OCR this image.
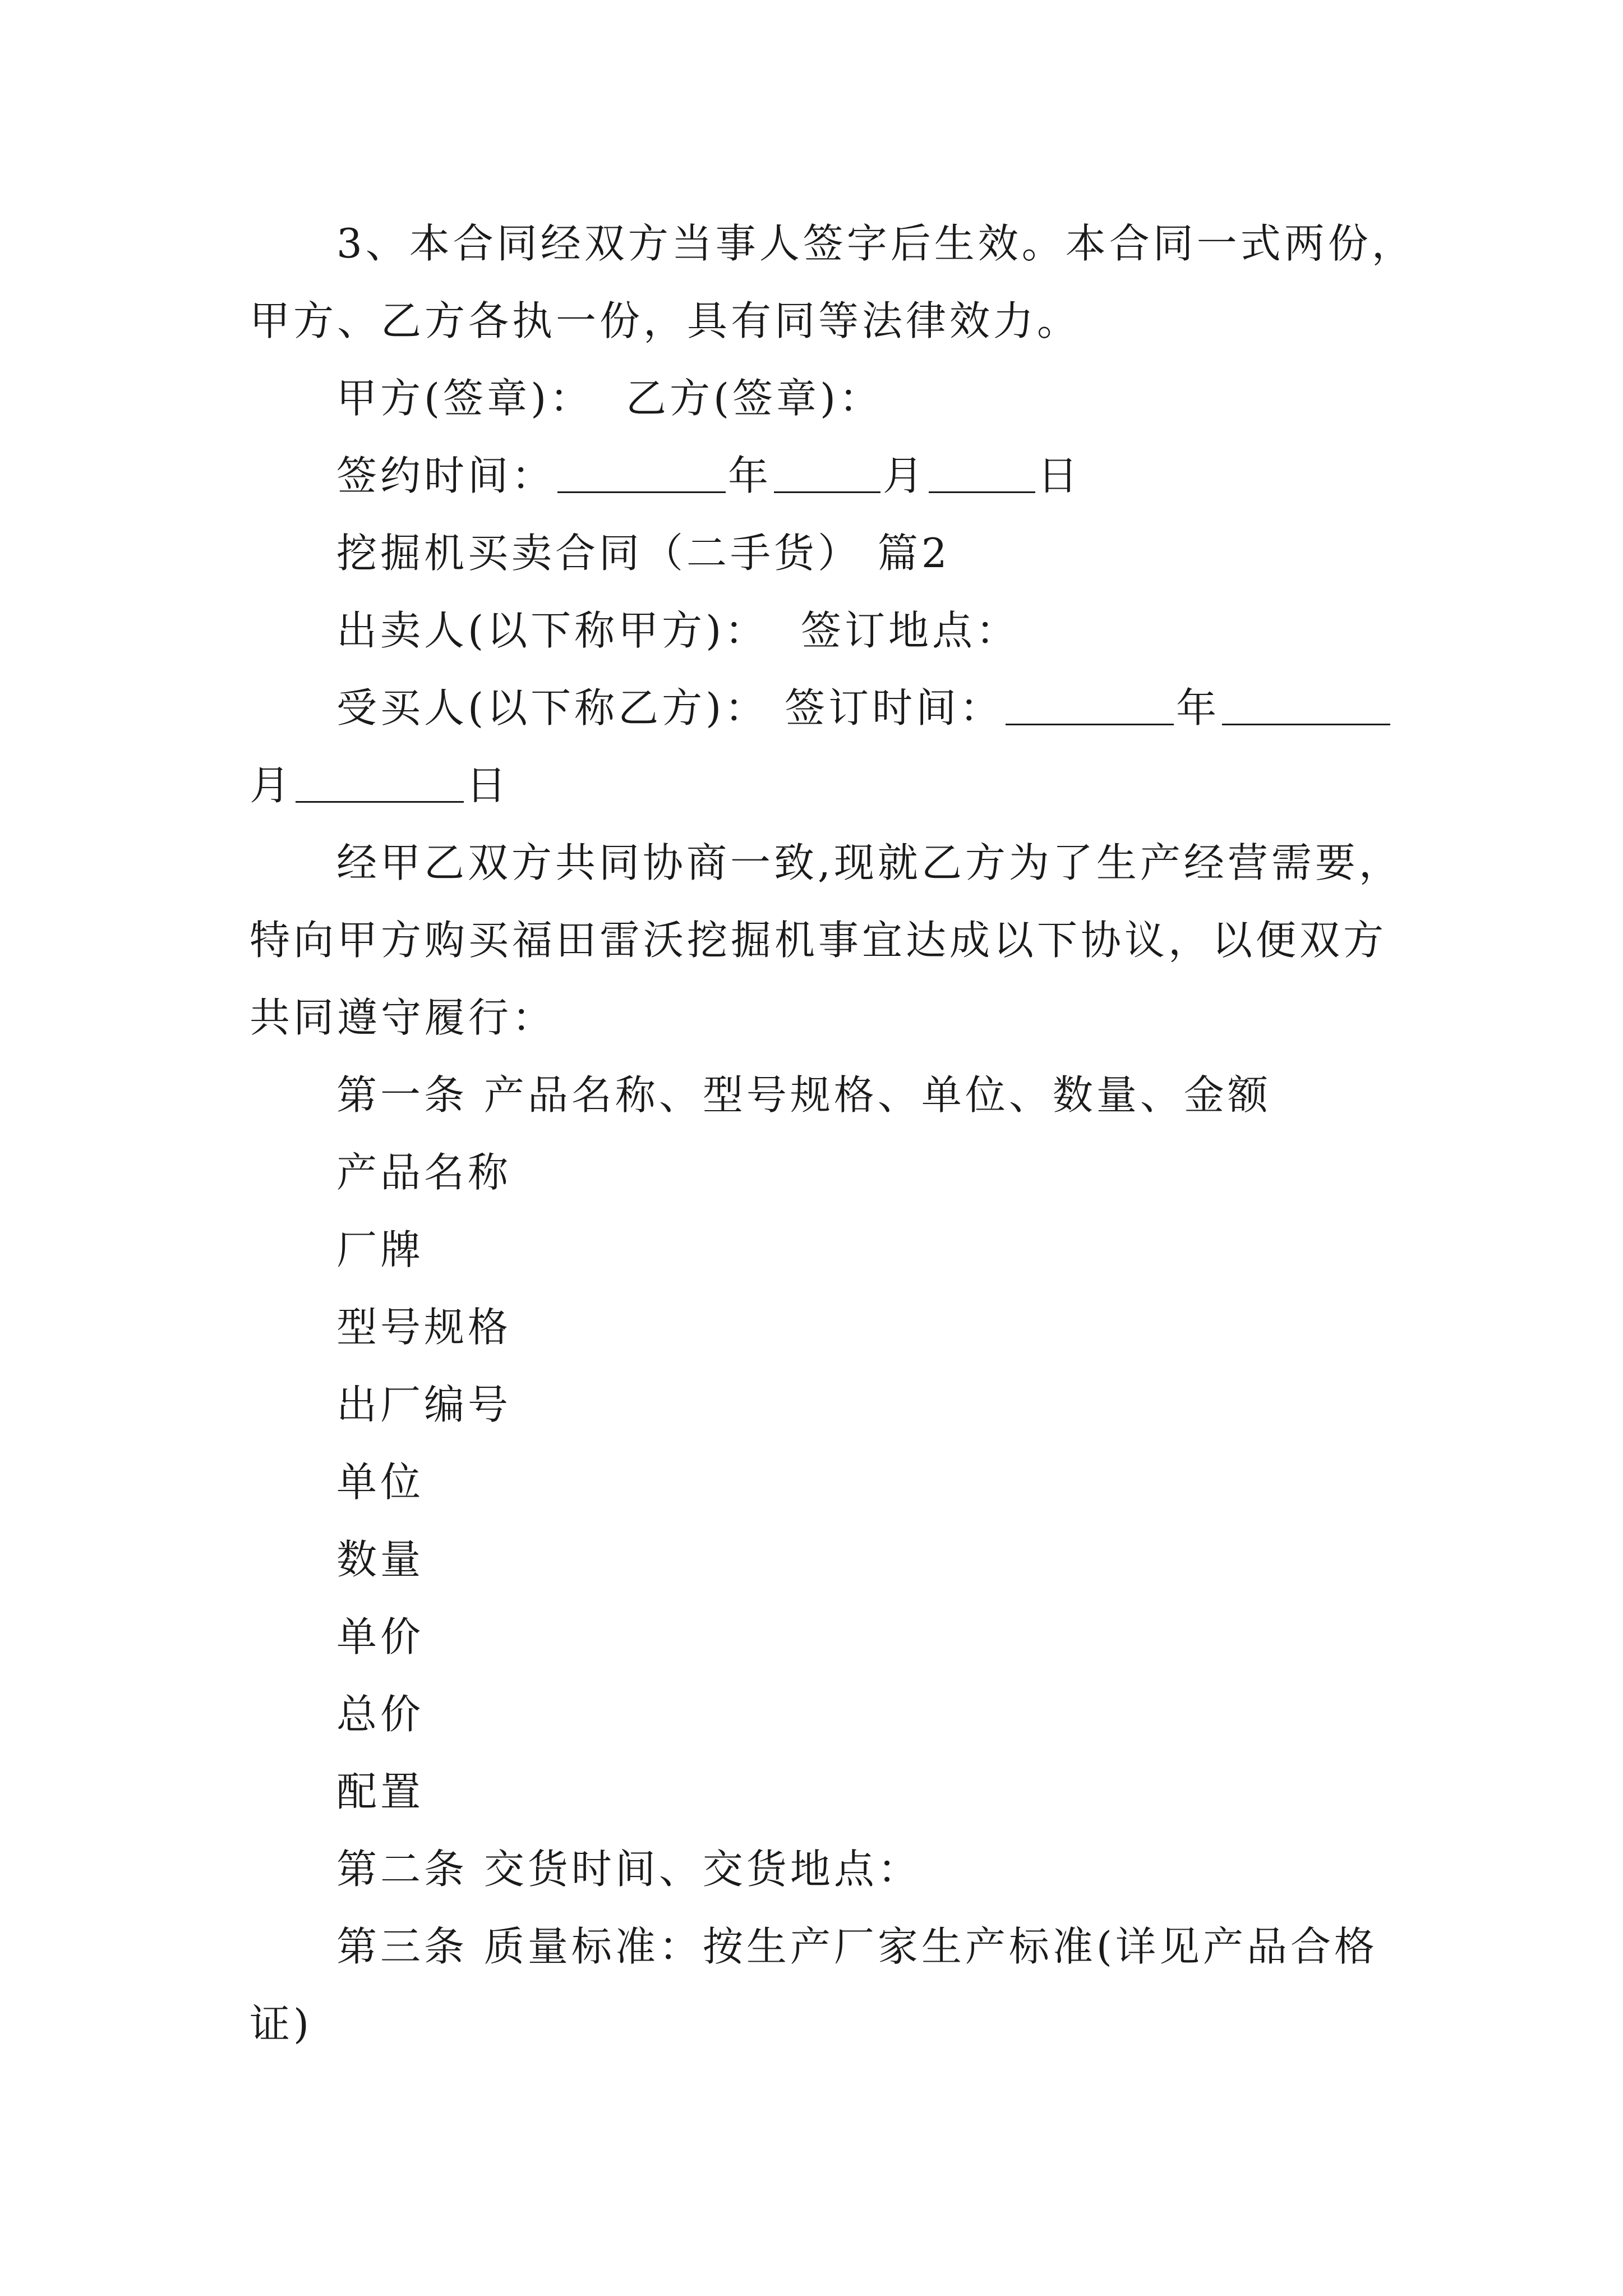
3、本合同经双方当事人签字后生效。本合同一式两份，

甲方、乙方各执一份，具有同等法律效力。

甲方(签章)：  乙方(签章)：

签约时间：	年	月	日

挖掘机买卖合同（二手货） 篇2

出卖人(以下称甲方)：  签订地点：

受买人(以下称乙方)： 签订时间：	年

月	日

经甲乙双方共同协商一致,现就乙方为了生产经营需要，

特向甲方购买福田雷沃挖掘机事宜达成以下协议，以便双方

共同遵守履行：

第一条 产品名称、型号规格、单位、数量、金额

产品名称

厂牌

型号规格

出厂编号

单位

数量

单价

总价

配置

第二条 交货时间、交货地点：

第三条 质量标准：按生产厂家生产标准(详见产品合格

证)
